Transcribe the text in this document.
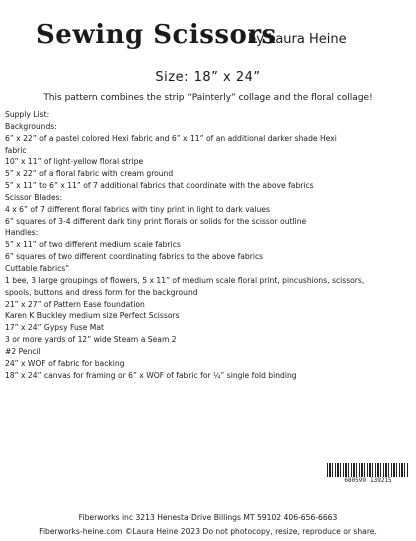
Sewing Scissors
by Laura Heine
Size: 18” x 24”
This pattern combines the strip “Painterly” collage and the floral collage!
Supply List:
Backgrounds:
6” x 22” of a pastel colored Hexi fabric and 6” x 11” of an additional darker shade Hexi
fabric
10” x 11” of light-yellow floral stripe
5” x 22” of a floral fabric with cream ground
5” x 11” to 6” x 11” of 7 additional fabrics that coordinate with the above fabrics
Scissor Blades:
4 x 6” of 7 different floral fabrics with tiny print in light to dark values
6” squares of 3-4 different dark tiny print florals or solids for the scissor outline
Handles:
5” x 11” of two different medium scale fabrics
6” squares of two different coordinating fabrics to the above fabrics
Cuttable fabrics”
1 bee, 3 large groupings of flowers, 5 x 11” of medium scale floral print, pincushions, scissors,
spools, buttons and dress form for the background
21” x 27” of Pattern Ease foundation
Karen K Buckley medium size Perfect Scissors
17” x 24” Gypsy Fuse Mat
3 or more yards of 12” wide Steam a Seam 2
#2 Pencil
24” x WOF of fabric for backing
18” x 24” canvas for framing or 6” x WOF of fabric for ¼” single fold binding
680599 139215
Fiberworks inc 3213 Henesta Drive Billings MT 59102 406-656-6663
Fiberworks-heine.com ©Laura Heine 2023 Do not photocopy, resize, reproduce or share.
